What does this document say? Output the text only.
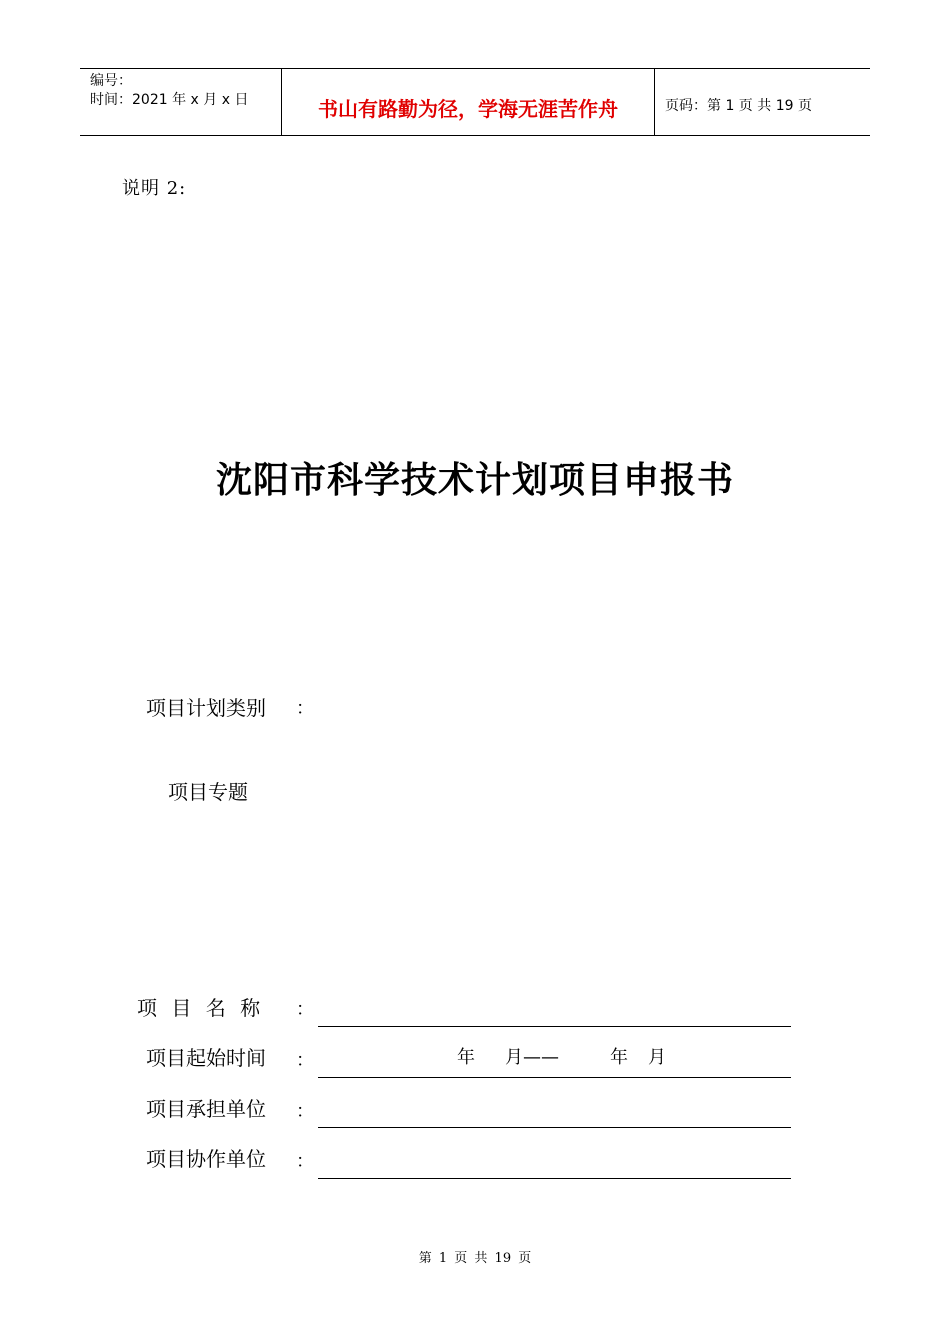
编号：
时间：2021 年 x 月 x 日	书山有路勤为径，学海无涯苦作舟	页码：第 1 页 共 19 页
说明 2:
沈阳市科学技术计划项目申报书
项目计划类别 ：
项目专题
项 目 名 称 ：
项目起始时间 ：	年 月——	年 月
项目承担单位 ：
项目协作单位 ：
第 1 页 共 19 页
